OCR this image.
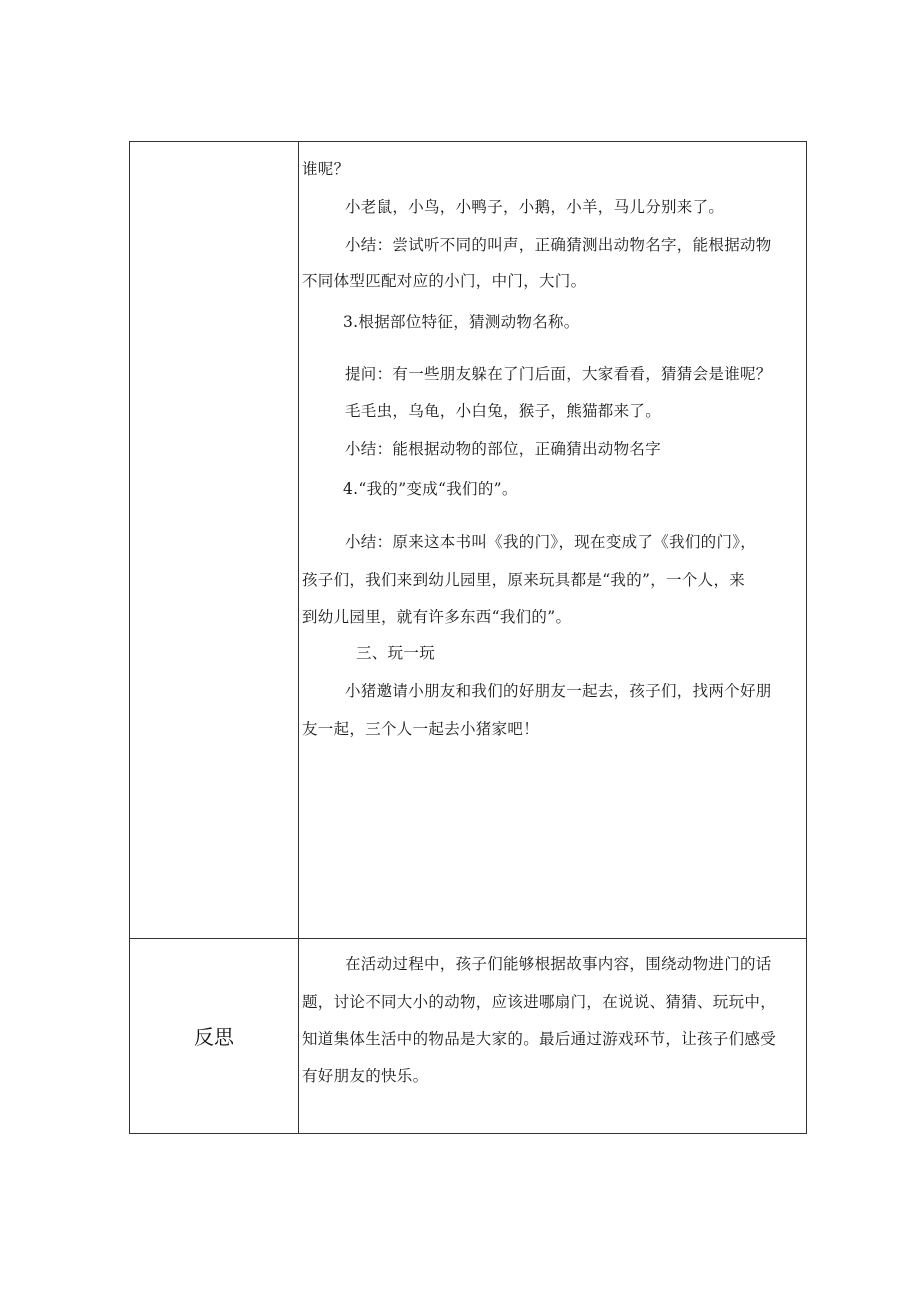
谁呢？
小老鼠，小鸟，小鸭子，小鹅，小羊，马儿分别来了。
小结：尝试听不同的叫声，正确猜测出动物名字，能根据动物
不同体型匹配对应的小门，中门，大门。
3.根据部位特征，猜测动物名称。
提问：有一些朋友躲在了门后面，大家看看，猜猜会是谁呢？
毛毛虫，乌龟，小白兔，猴子，熊猫都来了。
小结：能根据动物的部位，正确猜出动物名字
4.“我的”变成“我们的”。
小结：原来这本书叫《我的门》，现在变成了《我们的门》，
孩子们，我们来到幼儿园里，原来玩具都是“我的”，一个人，来
到幼儿园里，就有许多东西“我们的”。
三、玩一玩
小猪邀请小朋友和我们的好朋友一起去，孩子们，找两个好朋
友一起，三个人一起去小猪家吧！
反思
在活动过程中，孩子们能够根据故事内容，围绕动物进门的话
题，讨论不同大小的动物，应该进哪扇门，在说说、猜猜、玩玩中，
知道集体生活中的物品是大家的。最后通过游戏环节，让孩子们感受
有好朋友的快乐。
